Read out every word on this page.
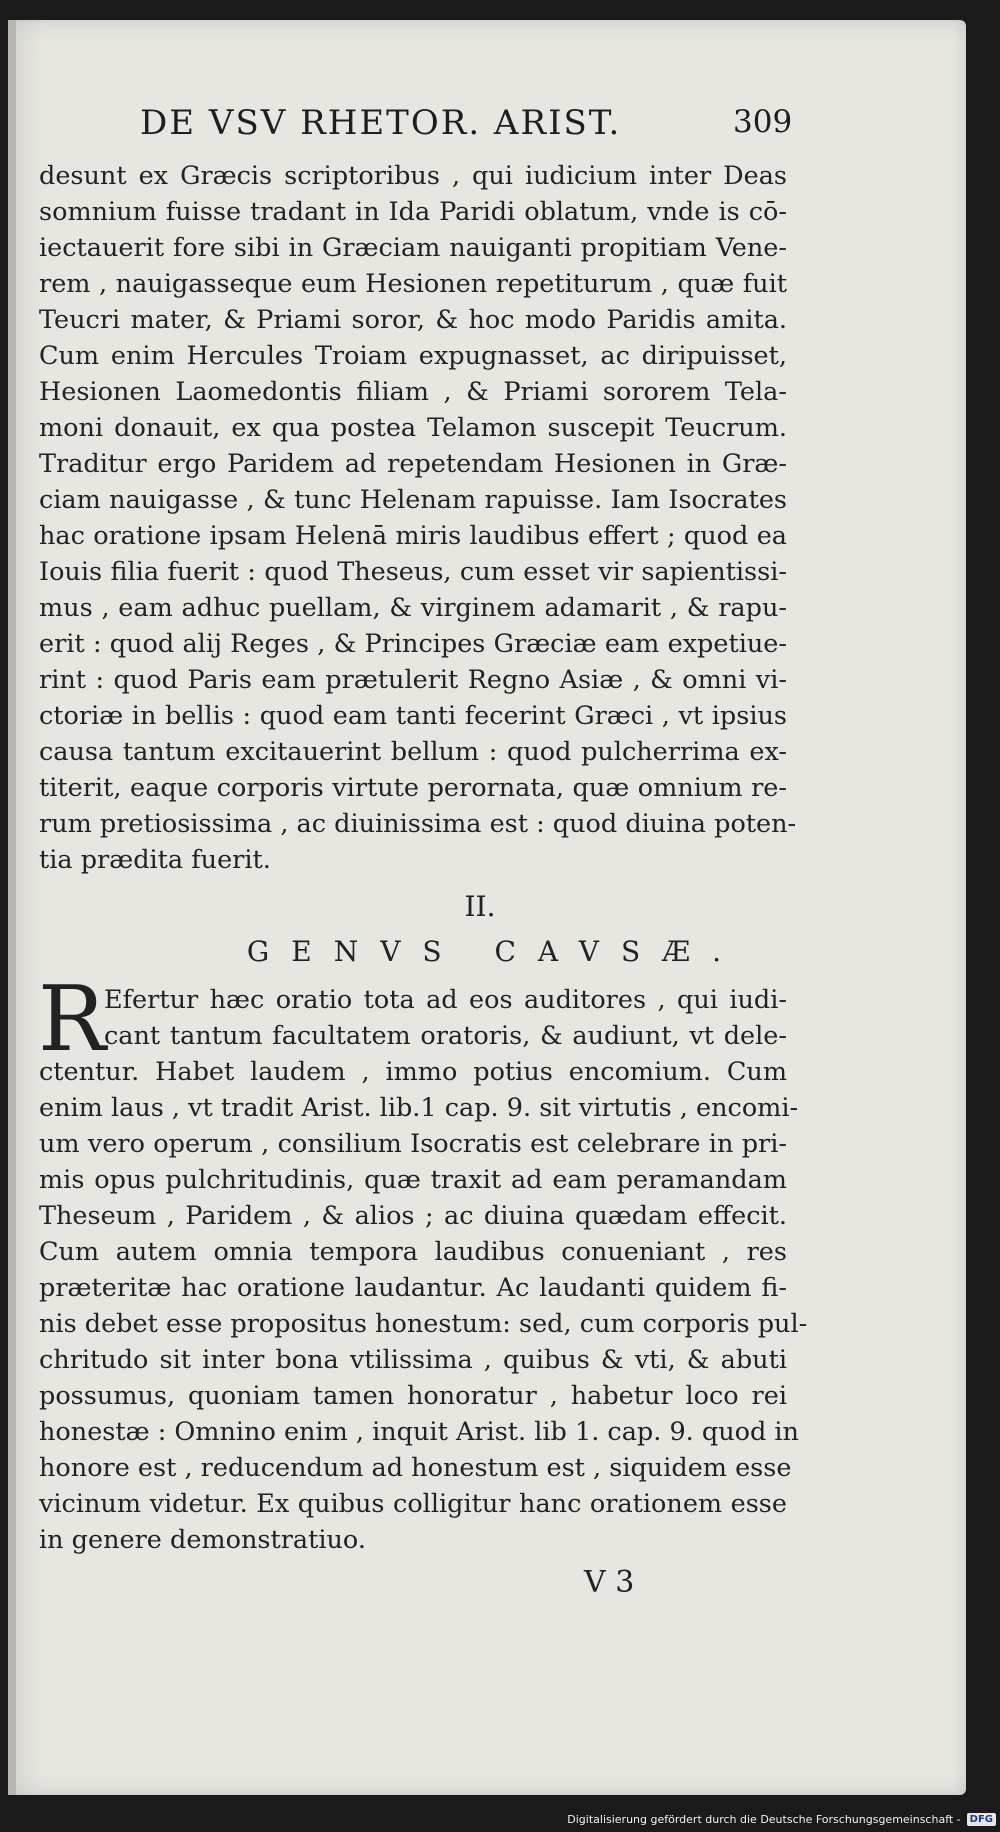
DE VSV RHETOR. ARIST.	309
desunt ex Græcis scriptoribus , qui iudicium inter Deas
somnium fuisse tradant in Ida Paridi oblatum, vnde is cō-
iectauerit fore sibi in Græciam nauiganti propitiam Vene-
rem , nauigasseque eum Hesionen repetiturum , quæ fuit
Teucri mater, & Priami soror, & hoc modo Paridis amita.
Cum enim Hercules Troiam expugnasset, ac diripuisset,
Hesionen Laomedontis filiam , & Priami sororem Tela-
moni donauit, ex qua postea Telamon suscepit Teucrum.
Traditur ergo Paridem ad repetendam Hesionen in Græ-
ciam nauigasse , & tunc Helenam rapuisse. Iam Isocrates
hac oratione ipsam Helenā miris laudibus effert ; quod ea
Iouis filia fuerit : quod Theseus, cum esset vir sapientissi-
mus , eam adhuc puellam, & virginem adamarit , & rapu-
erit : quod alij Reges , & Principes Græciæ eam expetiue-
rint : quod Paris eam prætulerit Regno Asiæ , & omni vi-
ctoriæ in bellis : quod eam tanti fecerint Græci , vt ipsius
causa tantum excitauerint bellum : quod pulcherrima ex-
titerit, eaque corporis virtute perornata, quæ omnium re-
rum pretiosissima , ac diuinissima est : quod diuina poten-
tia prædita fuerit.
II.
GENVS CAVSÆ.
R
Efertur hæc oratio tota ad eos auditores , qui iudi-
cant tantum facultatem oratoris, & audiunt, vt dele-
ctentur. Habet laudem , immo potius encomium. Cum
enim laus , vt tradit Arist. lib.1 cap. 9. sit virtutis , encomi-
um vero operum , consilium Isocratis est celebrare in pri-
mis opus pulchritudinis, quæ traxit ad eam peramandam
Theseum , Paridem , & alios ; ac diuina quædam effecit.
Cum autem omnia tempora laudibus conueniant , res
præteritæ hac oratione laudantur. Ac laudanti quidem fi-
nis debet esse propositus honestum: sed, cum corporis pul-
chritudo sit inter bona vtilissima , quibus & vti, & abuti
possumus, quoniam tamen honoratur , habetur loco rei
honestæ : Omnino enim , inquit Arist. lib 1. cap. 9. quod in
honore est , reducendum ad honestum est , siquidem esse
vicinum videtur. Ex quibus colligitur hanc orationem esse
in genere demonstratiuo.
V 3
Digitalisierung gefördert durch die Deutsche Forschungsgemeinschaft - DFG
